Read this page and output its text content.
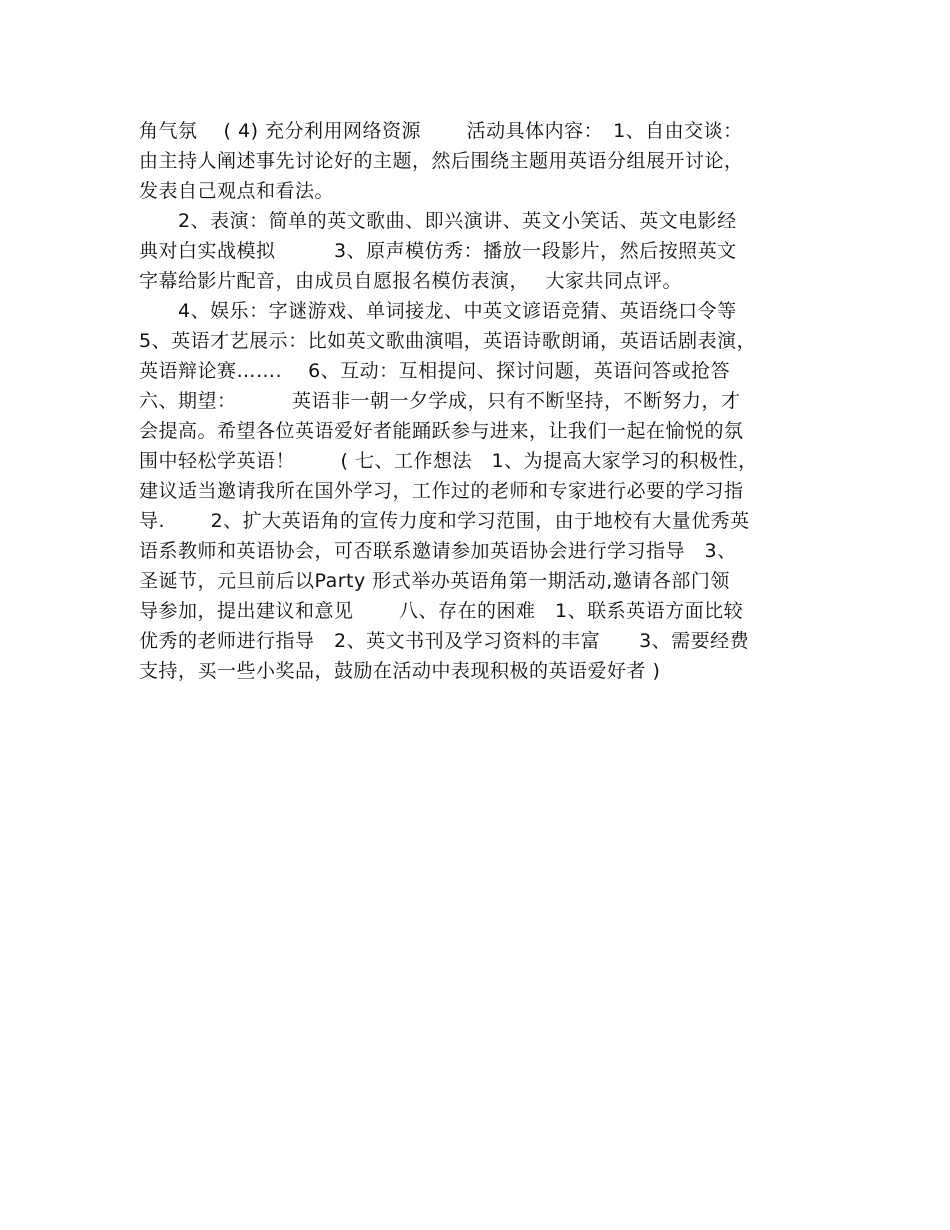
角气氛　 ( 4) 充分利用网络资源　　 活动具体内容：　1、自由交谈：
由主持人阐述事先讨论好的主题，然后围绕主题用英语分组展开讨论，
发表自己观点和看法。
　　2、表演：简单的英文歌曲、即兴演讲、英文小笑话、英文电影经
典对白实战模拟　　　3、原声模仿秀：播放一段影片，然后按照英文
字幕给影片配音，由成员自愿报名模仿表演，　 大家共同点评。
　　4、娱乐：字谜游戏、单词接龙、中英文谚语竞猜、英语绕口令等
5、英语才艺展示：比如英文歌曲演唱，英语诗歌朗诵，英语话剧表演，
英语辩论赛……. 　6、互动：互相提问、探讨问题，英语问答或抢答
六、期望：　　　 英语非一朝一夕学成，只有不断坚持，不断努力，才
会提高。希望各位英语爱好者能踊跃参与进来，让我们一起在愉悦的氛
围中轻松学英语！　　 ( 七、工作想法　1、为提高大家学习的积极性，
建议适当邀请我所在国外学习，工作过的老师和专家进行必要的学习指
导.　　 2、扩大英语角的宣传力度和学习范围，由于地校有大量优秀英
语系教师和英语协会，可否联系邀请参加英语协会进行学习指导　3、
圣诞节，元旦前后以Party 形式举办英语角第一期活动,邀请各部门领
导参加，提出建议和意见　　 八、存在的困难　1、联系英语方面比较
优秀的老师进行指导　2、英文书刊及学习资料的丰富　　3、需要经费
支持，买一些小奖品，鼓励在活动中表现积极的英语爱好者 )
